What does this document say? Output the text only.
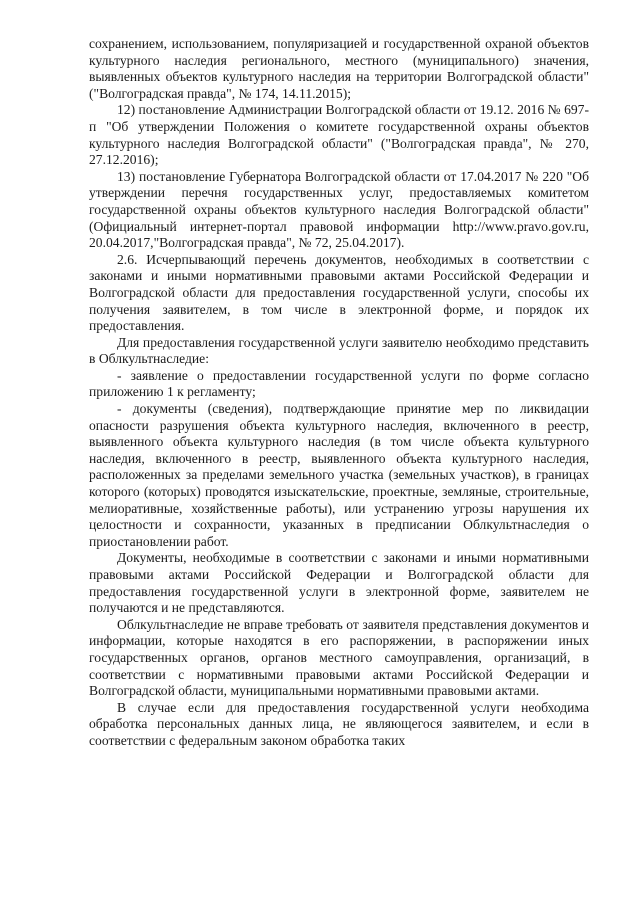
сохранением, использованием, популяризацией и государственной охраной объектов культурного наследия регионального, местного (муниципального) значения, выявленных объектов культурного наследия на территории Волгоградской области" ("Волгоградская правда", № 174, 14.11.2015);

12) постановление Администрации Волгоградской области от 19.12. 2016 № 697-п "Об утверждении Положения о комитете государственной охраны объектов культурного наследия Волгоградской области" ("Волгоградская правда", № 270, 27.12.2016);

13) постановление Губернатора Волгоградской области от 17.04.2017 № 220 "Об утверждении перечня государственных услуг, предоставляемых комитетом государственной охраны объектов культурного наследия Волгоградской области" (Официальный интернет-портал правовой информации http://www.pravo.gov.ru, 20.04.2017,"Волгоградская правда", № 72, 25.04.2017).

2.6. Исчерпывающий перечень документов, необходимых в соответствии с законами и иными нормативными правовыми актами Российской Федерации и Волгоградской области для предоставления государственной услуги, способы их получения заявителем, в том числе в электронной форме, и порядок их предоставления.

Для предоставления государственной услуги заявителю необходимо представить в Облкультнаследие:

- заявление о предоставлении государственной услуги по форме согласно приложению 1 к регламенту;

- документы (сведения), подтверждающие принятие мер по ликвидации опасности разрушения объекта культурного наследия, включенного в реестр, выявленного объекта культурного наследия (в том числе объекта культурного наследия, включенного в реестр, выявленного объекта культурного наследия, расположенных за пределами земельного участка (земельных участков), в границах которого (которых) проводятся изыскательские, проектные, земляные, строительные, мелиоративные, хозяйственные работы), или устранению угрозы нарушения их целостности и сохранности, указанных в предписании Облкультнаследия о приостановлении работ.

Документы, необходимые в соответствии с законами и иными нормативными правовыми актами Российской Федерации и Волгоградской области для предоставления государственной услуги в электронной форме, заявителем не получаются и не представляются.

Облкультнаследие не вправе требовать от заявителя представления документов и информации, которые находятся в его распоряжении, в распоряжении иных государственных органов, органов местного самоуправления, организаций, в соответствии с нормативными правовыми актами Российской Федерации и Волгоградской области, муниципальными нормативными правовыми актами.

В случае если для предоставления государственной услуги необходима обработка персональных данных лица, не являющегося заявителем, и если в соответствии с федеральным законом обработка таких
